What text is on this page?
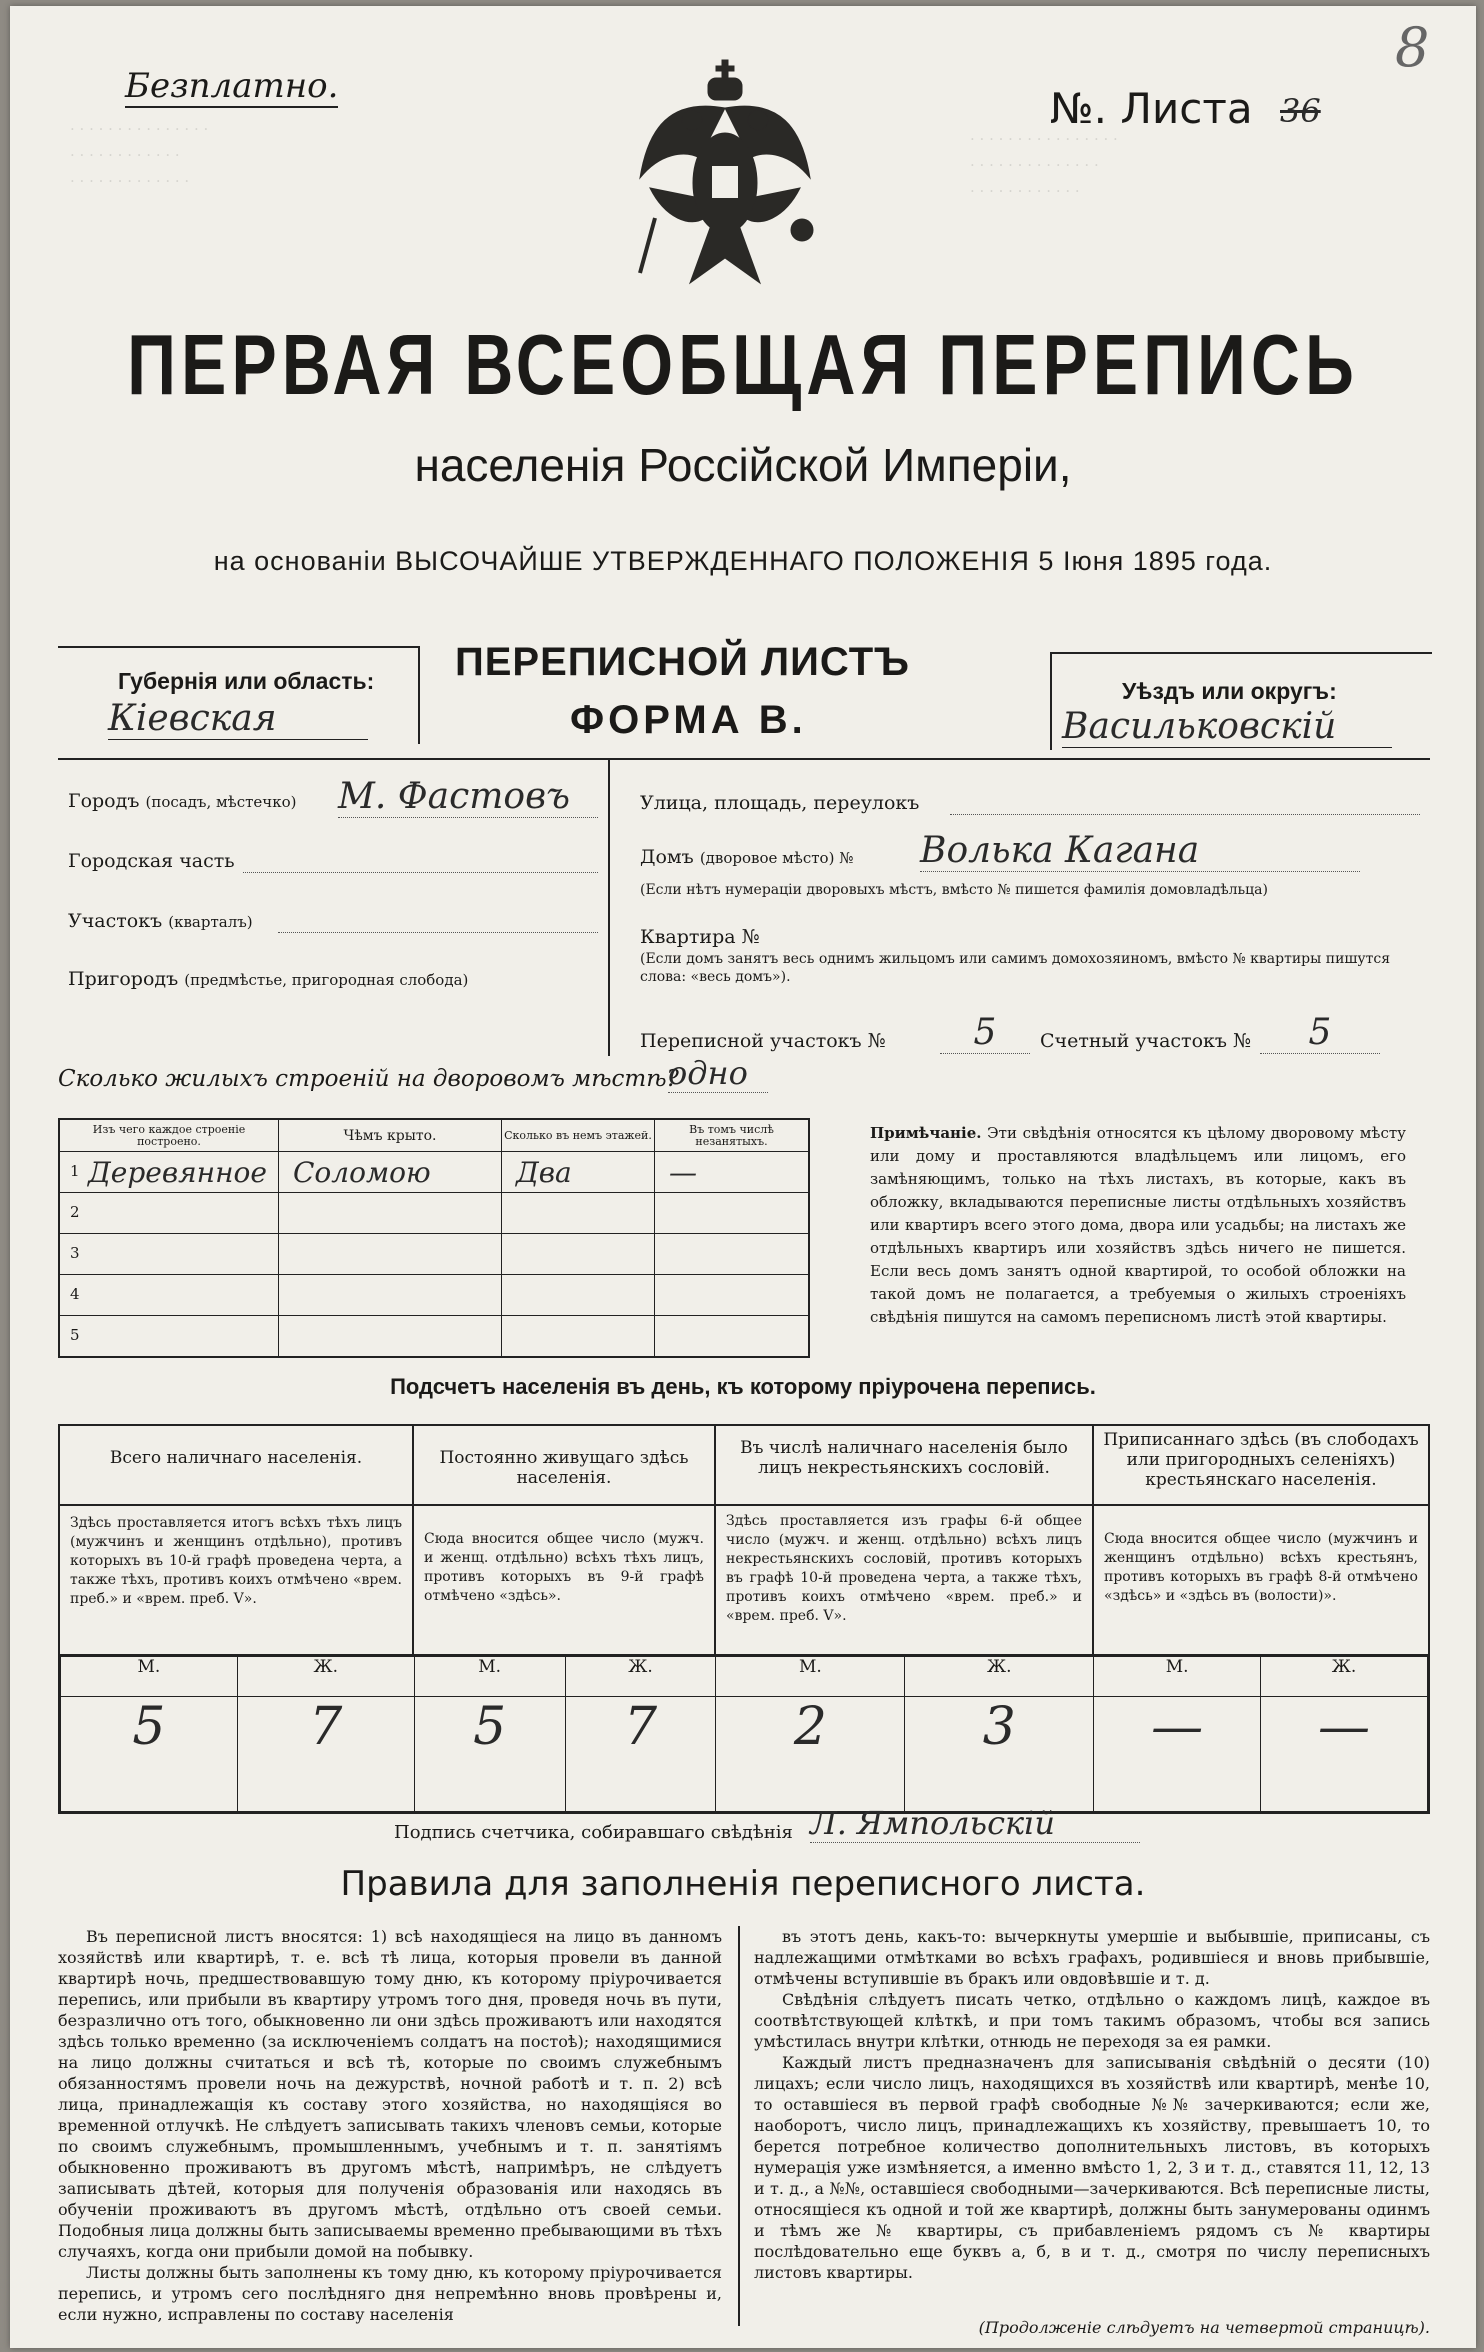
· · · · · · · · · · · · · · ·
· · · · · · · · · · · ·
· · · · · · · · · · · · ·
· · · · · · · · · · · · · · · ·
· · · · · · · · · · · · · ·
· · · · · · · · · · · ·
Безплатно.	№. Листа 36
8
ПЕРВАЯ ВСЕОБЩАЯ ПЕРЕПИСЬ
населенія Россійской Имперіи,
на основаніи ВЫСОЧАЙШЕ УТВЕРЖДЕННАГО ПОЛОЖЕНІЯ 5 Іюня 1895 года.
Губернія или область:
Кіевская
ПЕРЕПИСНОЙ ЛИСТЪ
ФОРМА В.
Уѣздъ или округъ:
Васильковскій
Городъ (посадъ, мѣстечко) М. Фастовъ
Городская часть
Участокъ (кварталъ)
Пригородъ (предмѣстье, пригородная слобода)
Улица, площадь, переулокъ
Домъ (дворовое мѣсто) № Волька Кагана
(Если нѣтъ нумераціи дворовыхъ мѣстъ, вмѣсто № пишется фамилія домовладѣльца)
Квартира №
(Если домъ занятъ весь однимъ жильцомъ или самимъ домохозяиномъ, вмѣсто № квартиры пишутся слова: «весь домъ»).
Переписной участокъ №	5	Счетный участокъ №	5
Сколько жилыхъ строеній на дворовомъ мѣстѣ?
одно
Изъ чего каждое строеніе построено.	Чѣмъ крыто.	Сколько въ немъ этажей.	Въ томъ числѣ незанятыхъ.

1 Деревянное	Соломою	Два	—

2			

3			

4			

5			

Примѣчаніе. Эти свѣдѣнія относятся къ цѣлому дворовому мѣсту или дому и проставляются владѣльцемъ или лицомъ, его замѣняющимъ, только на тѣхъ листахъ, въ которые, какъ въ обложку, вкладываются переписные листы отдѣльныхъ хозяйствъ или квартиръ всего этого дома, двора или усадьбы; на листахъ же отдѣльныхъ квартиръ или хозяйствъ здѣсь ничего не пишется. Если весь домъ занятъ одной квартирой, то особой обложки на такой домъ не полагается, а требуемыя о жилыхъ строеніяхъ свѣдѣнія пишутся на самомъ переписномъ листѣ этой квартиры.
Подсчетъ населенія въ день, къ которому пріурочена перепись.
Всего наличнаго населенія.	Постоянно живущаго здѣсь населенія.	Въ числѣ наличнаго населенія было лицъ некрестьянскихъ сословій.	Приписаннаго здѣсь (въ слободахъ или пригородныхъ селеніяхъ) крестьянскаго населенія.
Здѣсь проставляется итогъ всѣхъ тѣхъ лицъ (мужчинъ и женщинъ отдѣльно), противъ которыхъ въ 10-й графѣ проведена черта, а также тѣхъ, противъ коихъ отмѣчено «врем. преб.» и «врем. преб. V».	Сюда вносится общее число (мужч. и женщ. отдѣльно) всѣхъ тѣхъ лицъ, противъ которыхъ въ 9-й графѣ отмѣчено «здѣсь».	Здѣсь проставляется изъ графы 6-й общее число (мужч. и женщ. отдѣльно) всѣхъ лицъ некрестьянскихъ сословій, противъ которыхъ въ графѣ 10-й проведена черта, а также тѣхъ, противъ коихъ отмѣчено «врем. преб.» и «врем. преб. V».	Сюда вносится общее число (мужчинъ и женщинъ отдѣльно) всѣхъ крестьянъ, противъ которыхъ въ графѣ 8-й отмѣчено «здѣсь» и «здѣсь въ (волости)».

М.	Ж.	М.	Ж.	М.	Ж.	М.	Ж.
5	7	5	7	2	3	—	—
Подпись счетчика, собиравшаго свѣдѣнія Л. Ямпольскій
Правила для заполненія переписного листа.

Въ переписной листъ вносятся: 1) всѣ находящіеся на лицо въ данномъ хозяйствѣ или квартирѣ, т. е. всѣ тѣ лица, которыя провели въ данной квартирѣ ночь, предшествовавшую тому дню, къ которому пріурочивается перепись, или прибыли въ квартиру утромъ того дня, проведя ночь въ пути, безразлично отъ того, обыкновенно ли они здѣсь проживаютъ или находятся здѣсь только временно (за исключеніемъ солдатъ на постоѣ); находящимися на лицо должны считаться и всѣ тѣ, которые по своимъ служебнымъ обязанностямъ провели ночь на дежурствѣ, ночной работѣ и т. п. 2) всѣ лица, принадлежащія къ составу этого хозяйства, но находящіяся во временной отлучкѣ. Не слѣдуетъ записывать такихъ членовъ семьи, которые по своимъ служебнымъ, промышленнымъ, учебнымъ и т. п. занятіямъ обыкновенно проживаютъ въ другомъ мѣстѣ, напримѣръ, не слѣдуетъ записывать дѣтей, которыя для полученія образованія или находясь въ обученіи проживаютъ въ другомъ мѣстѣ, отдѣльно отъ своей семьи. Подобныя лица должны быть записываемы временно пребывающими въ тѣхъ случаяхъ, когда они прибыли домой на побывку.

Листы должны быть заполнены къ тому дню, къ которому пріурочивается перепись, и утромъ сего послѣдняго дня непремѣнно вновь провѣрены и, если нужно, исправлены по составу населенія

въ этотъ день, какъ-то: вычеркнуты умершіе и выбывшіе, приписаны, съ надлежащими отмѣтками во всѣхъ графахъ, родившіеся и вновь прибывшіе, отмѣчены вступившіе въ бракъ или овдовѣвшіе и т. д.

Свѣдѣнія слѣдуетъ писать четко, отдѣльно о каждомъ лицѣ, каждое въ соотвѣтствующей клѣткѣ, и при томъ такимъ образомъ, чтобы вся запись умѣстилась внутри клѣтки, отнюдь не переходя за ея рамки.

Каждый листъ предназначенъ для записыванія свѣдѣній о десяти (10) лицахъ; если число лицъ, находящихся въ хозяйствѣ или квартирѣ, менѣе 10, то оставшіеся въ первой графѣ свободные №№ зачеркиваются; если же, наоборотъ, число лицъ, принадлежащихъ къ хозяйству, превышаетъ 10, то берется потребное количество дополнительныхъ листовъ, въ которыхъ нумерація уже измѣняется, а именно вмѣсто 1, 2, 3 и т. д., ставятся 11, 12, 13 и т. д., а №№, оставшіеся свободными—зачеркиваются. Всѣ переписные листы, относящіеся къ одной и той же квартирѣ, должны быть занумерованы одинмъ и тѣмъ же № квартиры, съ прибавленіемъ рядомъ съ № квартиры послѣдовательно еще буквъ а, б, в и т. д., смотря по числу переписныхъ листовъ квартиры.

(Продолженіе слѣдуетъ на четвертой страницѣ).
